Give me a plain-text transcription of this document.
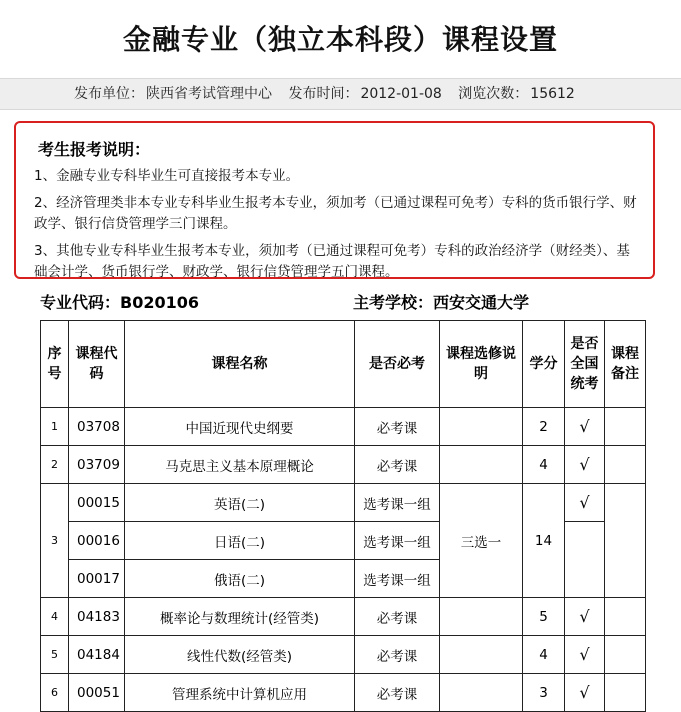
金融专业（独立本科段）课程设置
发布单位： 陕西省考试管理中心 发布时间： 2012-01-08 浏览次数： 15612
考生报考说明：

1、金融专业专科毕业生可直接报考本专业。

2、经济管理类非本专业专科毕业生报考本专业，须加考（已通过课程可免考）专科的货币银行学、财政学、银行信贷管理学三门课程。

3、其他专业专科毕业生报考本专业，须加考（已通过课程可免考）专科的政治经济学（财经类）、基础会计学、货币银行学、财政学、银行信贷管理学五门课程。

专业代码：B020106	主考学校：西安交通大学
序号	课程代码	课程名称	是否必考	课程选修说明	学分	是否全国统考	课程备注
1	03708	中国近现代史纲要	必考课		2	√	
2	03709	马克思主义基本原理概论	必考课		4	√	
3	00015	英语(二)	选考课一组	三选一	14	√	
	00016	日语(二)	选考课一组				
	00017	俄语(二)	选考课一组				
4	04183	概率论与数理统计(经管类)	必考课		5	√	
5	04184	线性代数(经管类)	必考课		4	√	
6	00051	管理系统中计算机应用	必考课		3	√	
